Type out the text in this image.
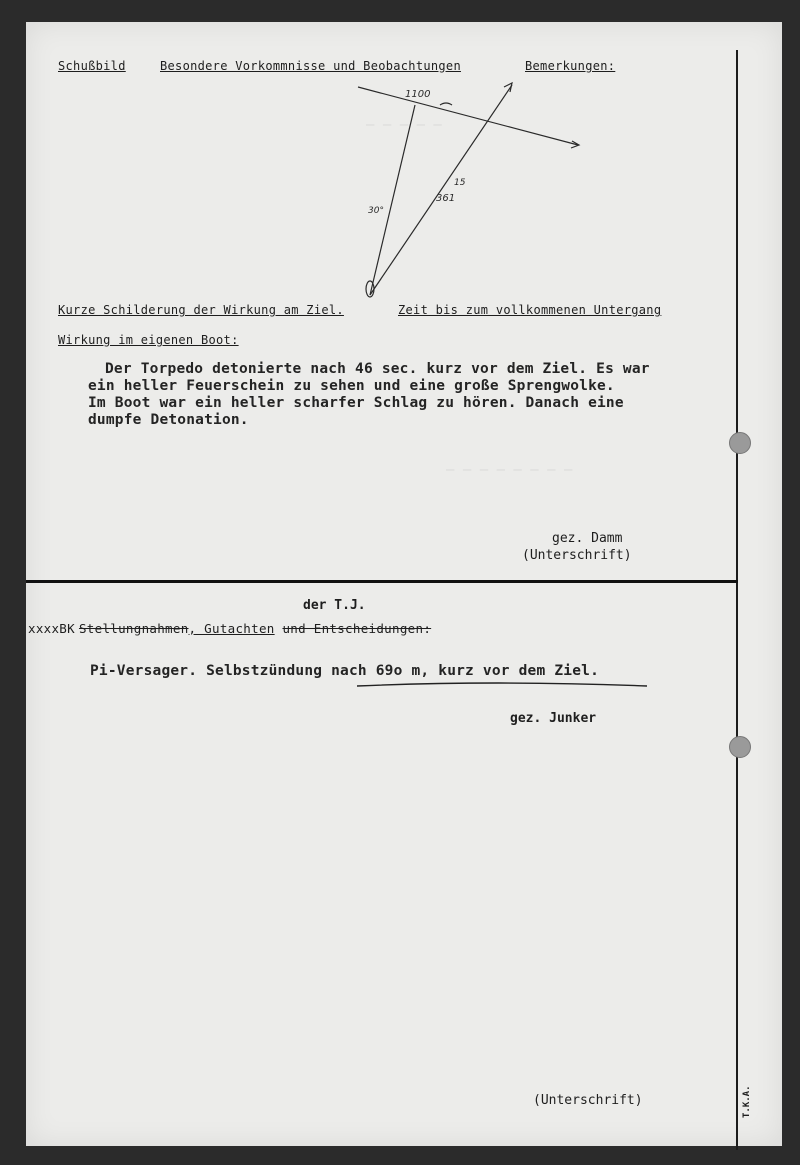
— — — — —
— — — — — — — —
Schußbild	Besondere Vorkommnisse und Beobachtungen	Bemerkungen:
1100
30°
361
15
Kurze Schilderung der Wirkung am Ziel.	Zeit bis zum vollkommenen Untergang
Wirkung im eigenen Boot:
Der Torpedo detonierte nach 46 sec. kurz vor dem Ziel. Es war
ein heller Feuerschein zu sehen und eine große Sprengwolke.
Im Boot war ein heller scharfer Schlag zu hören. Danach eine
dumpfe Detonation.
gez. Damm
(Unterschrift)
der T.J.
xxxxBK Stellungnahmen, Gutachten und Entscheidungen:
Pi-Versager. Selbstzündung nach 69o m, kurz vor dem Ziel.
gez. Junker
(Unterschrift)	T.K.A.
